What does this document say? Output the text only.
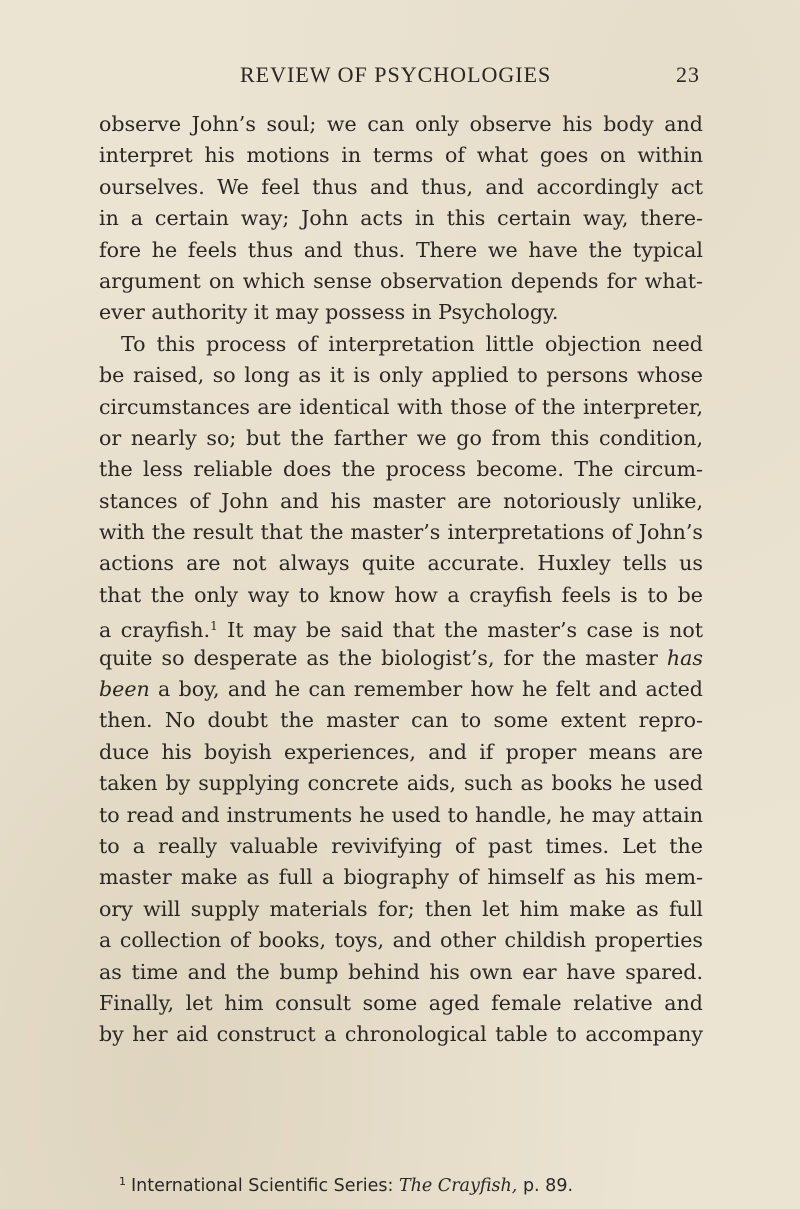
REVIEW OF PSYCHOLOGIES	23
observe John’s soul; we can only observe his body and
interpret his motions in terms of what goes on within
ourselves. We feel thus and thus, and accordingly act
in a certain way; John acts in this certain way, there-
fore he feels thus and thus. There we have the typical
argument on which sense observation depends for what-
ever authority it may possess in Psychology.
To this process of interpretation little objection need
be raised, so long as it is only applied to persons whose
circumstances are identical with those of the interpreter,
or nearly so; but the farther we go from this condition,
the less reliable does the process become. The circum-
stances of John and his master are notoriously unlike,
with the result that the master’s interpretations of John’s
actions are not always quite accurate. Huxley tells us
that the only way to know how a crayfish feels is to be
a crayfish.$^1$ It may be said that the master’s case is not
quite so desperate as the biologist’s, for the master has
been a boy, and he can remember how he felt and acted
then. No doubt the master can to some extent repro-
duce his boyish experiences, and if proper means are
taken by supplying concrete aids, such as books he used
to read and instruments he used to handle, he may attain
to a really valuable revivifying of past times. Let the
master make as full a biography of himself as his mem-
ory will supply materials for; then let him make as full
a collection of books, toys, and other childish properties
as time and the bump behind his own ear have spared.
Finally, let him consult some aged female relative and
by her aid construct a chronological table to accompany
$^1$ International Scientific Series: The Crayfish, p. 89.
